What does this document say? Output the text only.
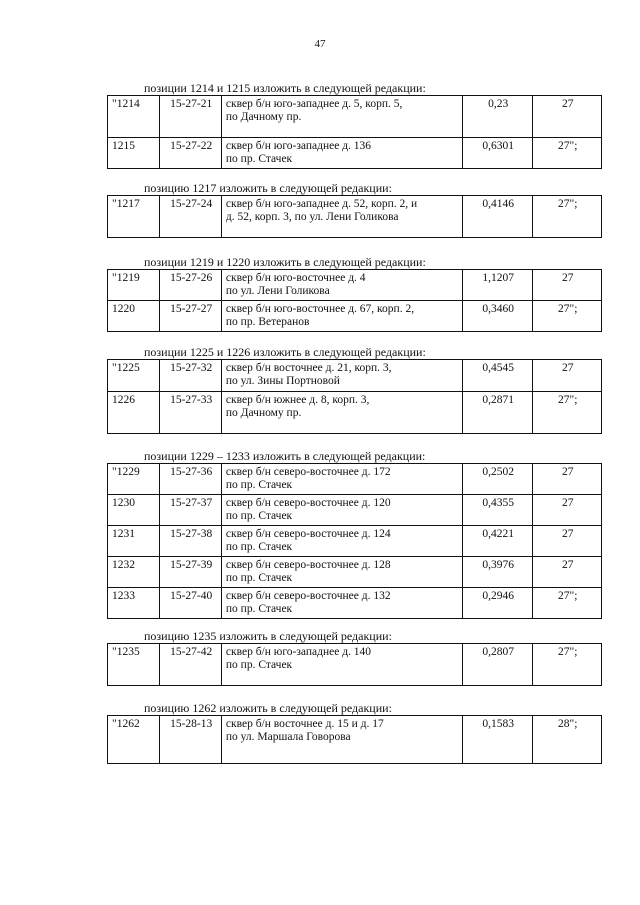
47
позиции 1214 и 1215 изложить в следующей редакции:
"1214	15-27-21	сквер б/н юго-западнее д. 5, корп. 5,
по Дачному пр.	0,23	27
1215	15-27-22	сквер б/н юго-западнее д. 136
по пр. Стачек	0,6301	27";
позицию 1217 изложить в следующей редакции:
"1217	15-27-24	сквер б/н юго-западнее д. 52, корп. 2, и
д. 52, корп. 3, по ул. Лени Голикова
	0,4146	27";
позиции 1219 и 1220 изложить в следующей редакции:
"1219	15-27-26	сквер б/н юго-восточнее д. 4
по ул. Лени Голикова	1,1207	27
1220	15-27-27	сквер б/н юго-восточнее д. 67, корп. 2,
по пр. Ветеранов	0,3460	27";
позиции 1225 и 1226 изложить в следующей редакции:
"1225	15-27-32	сквер б/н восточнее д. 21, корп. 3,
по ул. Зины Портновой	0,4545	27
1226	15-27-33	сквер б/н южнее д. 8, корп. 3,
по Дачному пр.	0,2871	27";
позиции 1229 – 1233 изложить в следующей редакции:
"1229	15-27-36	сквер б/н северо-восточнее д. 172
по пр. Стачек	0,2502	27
1230	15-27-37	сквер б/н северо-восточнее д. 120
по пр. Стачек	0,4355	27
1231	15-27-38	сквер б/н северо-восточнее д. 124
по пр. Стачек	0,4221	27
1232	15-27-39	сквер б/н северо-восточнее д. 128
по пр. Стачек	0,3976	27
1233	15-27-40	сквер б/н северо-восточнее д. 132
по пр. Стачек	0,2946	27";
позицию 1235 изложить в следующей редакции:
"1235	15-27-42	сквер б/н юго-западнее д. 140
по пр. Стачек
	0,2807	27";
позицию 1262 изложить в следующей редакции:
"1262	15-28-13	сквер б/н восточнее д. 15 и д. 17
по ул. Маршала Говорова
	0,1583	28";
